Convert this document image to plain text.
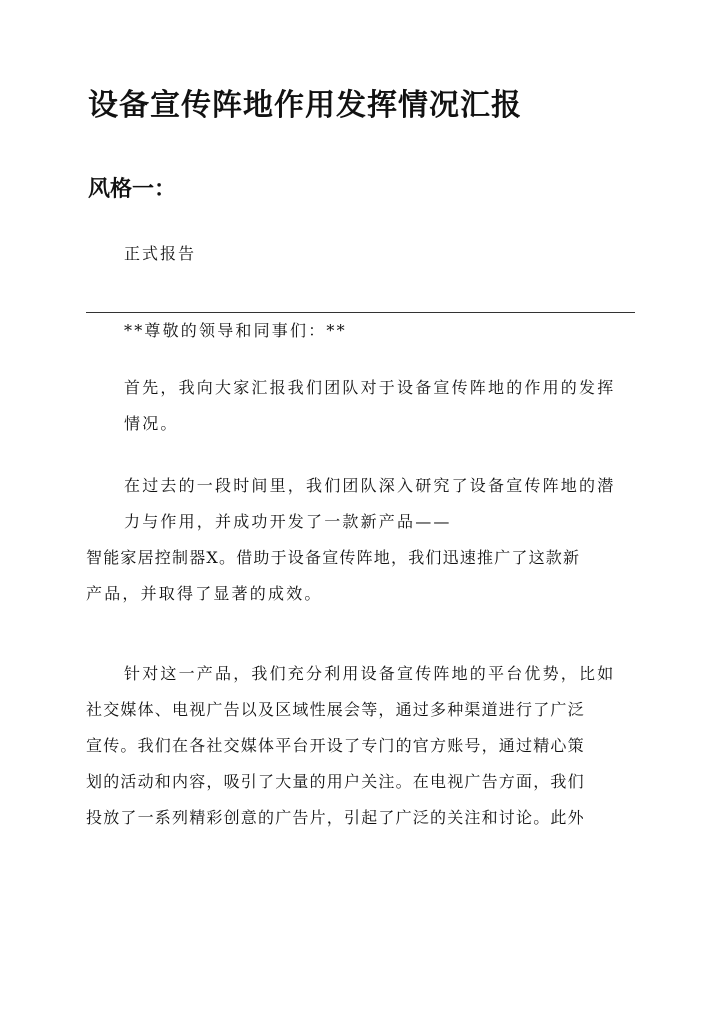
设备宣传阵地作用发挥情况汇报
风格一：

正式报告

**尊敬的领导和同事们：**

首先，我向大家汇报我们团队对于设备宣传阵地的作用的发挥
情况。

在过去的一段时间里，我们团队深入研究了设备宣传阵地的潜
力与作用，并成功开发了一款新产品——
智能家居控制器X。借助于设备宣传阵地，我们迅速推广了这款新
产品，并取得了显著的成效。

针对这一产品，我们充分利用设备宣传阵地的平台优势，比如
社交媒体、电视广告以及区域性展会等，通过多种渠道进行了广泛
宣传。我们在各社交媒体平台开设了专门的官方账号，通过精心策
划的活动和内容，吸引了大量的用户关注。在电视广告方面，我们
投放了一系列精彩创意的广告片，引起了广泛的关注和讨论。此外
